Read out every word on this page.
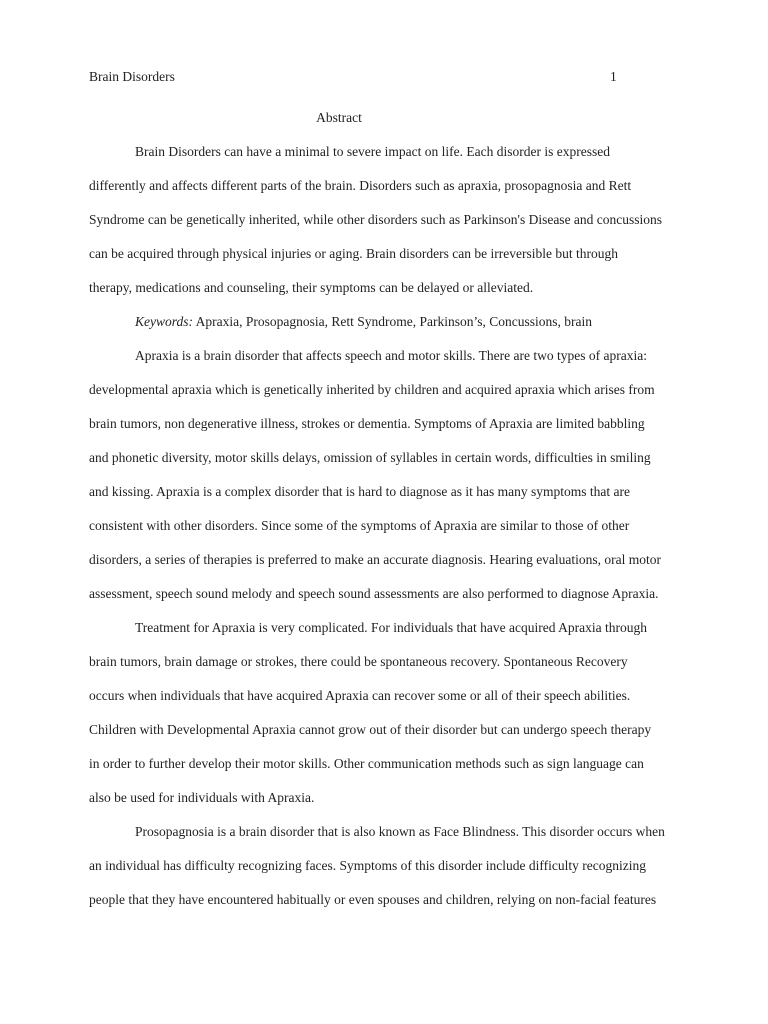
Brain Disorders	1
Abstract
Brain Disorders can have a minimal to severe impact on life. Each disorder is expressed
differently and affects different parts of the brain. Disorders such as apraxia, prosopagnosia and Rett
Syndrome can be genetically inherited, while other disorders such as Parkinson's Disease and concussions
can be acquired through physical injuries or aging. Brain disorders can be irreversible but through
therapy, medications and counseling, their symptoms can be delayed or alleviated.
Keywords: Apraxia, Prosopagnosia, Rett Syndrome, Parkinson’s, Concussions, brain
Apraxia is a brain disorder that affects speech and motor skills. There are two types of apraxia:
developmental apraxia which is genetically inherited by children and acquired apraxia which arises from
brain tumors, non degenerative illness, strokes or dementia. Symptoms of Apraxia are limited babbling
and phonetic diversity, motor skills delays, omission of syllables in certain words, difficulties in smiling
and kissing. Apraxia is a complex disorder that is hard to diagnose as it has many symptoms that are
consistent with other disorders. Since some of the symptoms of Apraxia are similar to those of other
disorders, a series of therapies is preferred to make an accurate diagnosis. Hearing evaluations, oral motor
assessment, speech sound melody and speech sound assessments are also performed to diagnose Apraxia.
Treatment for Apraxia is very complicated. For individuals that have acquired Apraxia through
brain tumors, brain damage or strokes, there could be spontaneous recovery. Spontaneous Recovery
occurs when individuals that have acquired Apraxia can recover some or all of their speech abilities.
Children with Developmental Apraxia cannot grow out of their disorder but can undergo speech therapy
in order to further develop their motor skills. Other communication methods such as sign language can
also be used for individuals with Apraxia.
Prosopagnosia is a brain disorder that is also known as Face Blindness. This disorder occurs when
an individual has difficulty recognizing faces. Symptoms of this disorder include difficulty recognizing
people that they have encountered habitually or even spouses and children, relying on non-facial features
